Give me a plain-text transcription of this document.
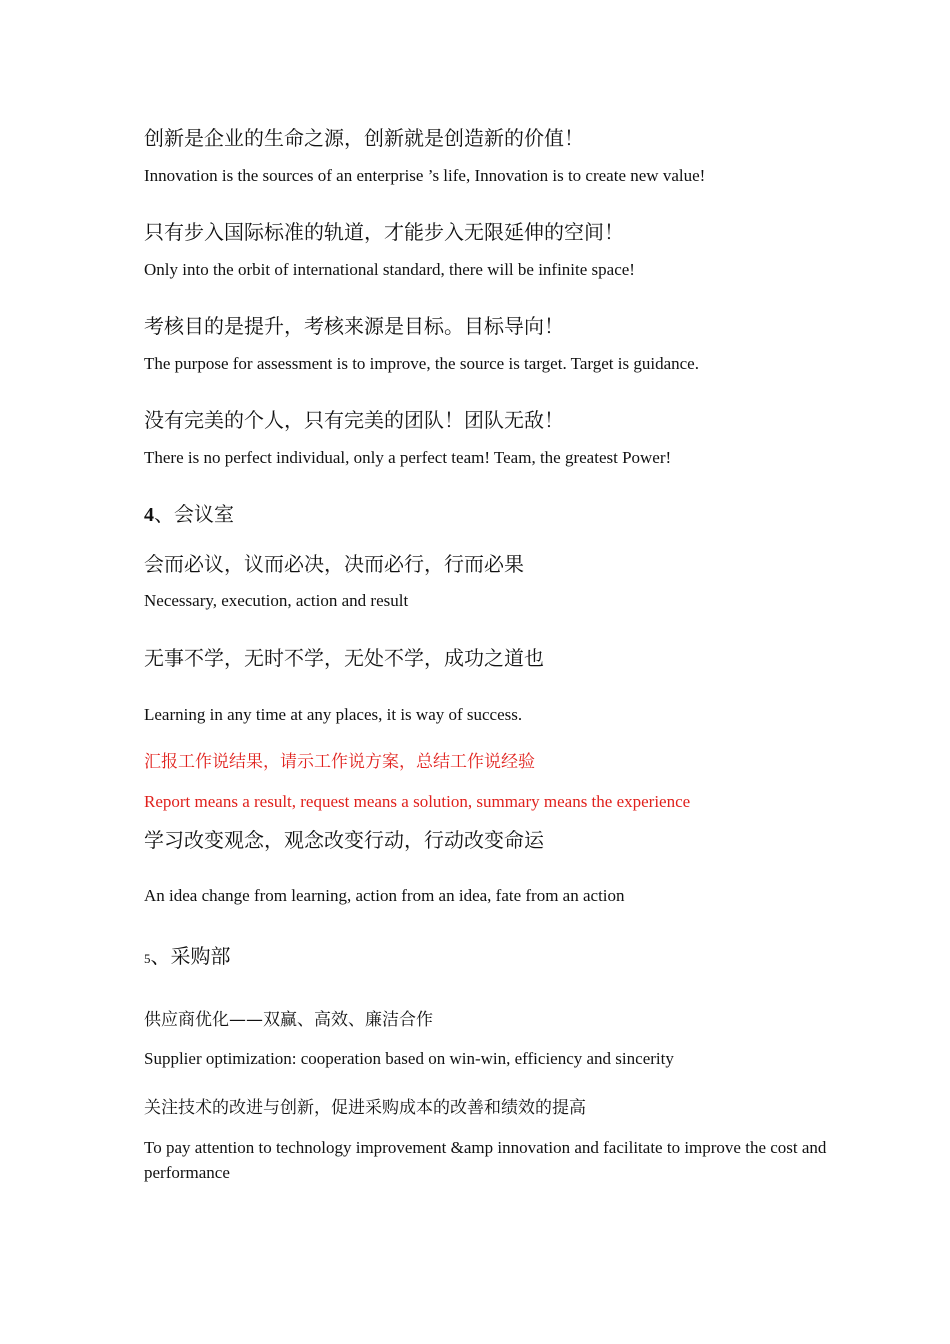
创新是企业的生命之源，创新就是创造新的价值！
Innovation is the sources of an enterprise ’s life, Innovation is to create new value!
只有步入国际标准的轨道，才能步入无限延伸的空间！
Only into the orbit of international standard, there will be infinite space!
考核目的是提升，考核来源是目标。目标导向！
The purpose for assessment is to improve, the source is target. Target is guidance.
没有完美的个人，只有完美的团队！团队无敌！
There is no perfect individual, only a perfect team! Team, the greatest Power!
4、会议室
会而必议，议而必决，决而必行，行而必果
Necessary, execution, action and result
无事不学，无时不学，无处不学，成功之道也
Learning in any time at any places, it is way of success.
汇报工作说结果，请示工作说方案，总结工作说经验
Report means a result, request means a solution, summary means the experience
学习改变观念，观念改变行动，行动改变命运
An idea change from learning, action from an idea, fate from an action
5、采购部
供应商优化——双赢、高效、廉洁合作
Supplier optimization: cooperation based on win-win, efficiency and sincerity
关注技术的改进与创新，促进采购成本的改善和绩效的提高
To pay attention to technology improvement &amp innovation and facilitate to improve the cost and performance
